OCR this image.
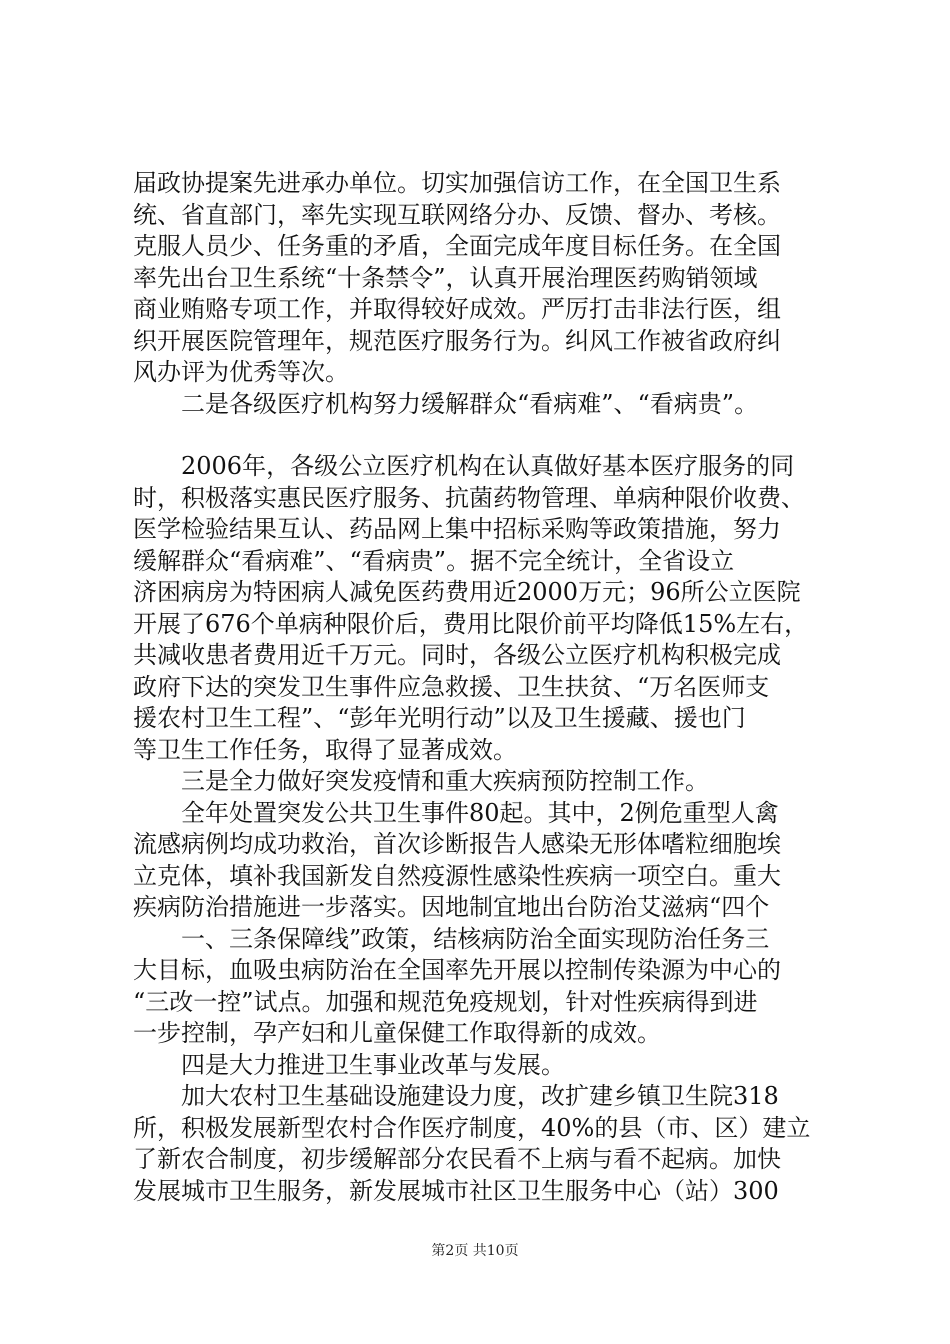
届政协提案先进承办单位。切实加强信访工作，在全国卫生系
统、省直部门，率先实现互联网络分办、反馈、督办、考核。
克服人员少、任务重的矛盾，全面完成年度目标任务。在全国
率先出台卫生系统“十条禁令”，认真开展治理医药购销领域
商业贿赂专项工作，并取得较好成效。严厉打击非法行医，组
织开展医院管理年，规范医疗服务行为。纠风工作被省政府纠
风办评为优秀等次。
二是各级医疗机构努力缓解群众“看病难”、“看病贵”。
2006年，各级公立医疗机构在认真做好基本医疗服务的同
时，积极落实惠民医疗服务、抗菌药物管理、单病种限价收费、
医学检验结果互认、药品网上集中招标采购等政策措施，努力
缓解群众“看病难”、“看病贵”。据不完全统计，全省设立
济困病房为特困病人减免医药费用近2000万元；96所公立医院
开展了676个单病种限价后，费用比限价前平均降低15%左右，
共减收患者费用近千万元。同时，各级公立医疗机构积极完成
政府下达的突发卫生事件应急救援、卫生扶贫、“万名医师支
援农村卫生工程”、“彭年光明行动”以及卫生援藏、援也门
等卫生工作任务，取得了显著成效。
三是全力做好突发疫情和重大疾病预防控制工作。
全年处置突发公共卫生事件80起。其中，2例危重型人禽
流感病例均成功救治，首次诊断报告人感染无形体嗜粒细胞埃
立克体，填补我国新发自然疫源性感染性疾病一项空白。重大
疾病防治措施进一步落实。因地制宜地出台防治艾滋病“四个
一、三条保障线”政策，结核病防治全面实现防治任务三
大目标，血吸虫病防治在全国率先开展以控制传染源为中心的
“三改一控”试点。加强和规范免疫规划，针对性疾病得到进
一步控制，孕产妇和儿童保健工作取得新的成效。
四是大力推进卫生事业改革与发展。
加大农村卫生基础设施建设力度，改扩建乡镇卫生院318
所，积极发展新型农村合作医疗制度，40%的县（市、区）建立
了新农合制度，初步缓解部分农民看不上病与看不起病。加快
发展城市卫生服务，新发展城市社区卫生服务中心（站）300
第2页 共10页
